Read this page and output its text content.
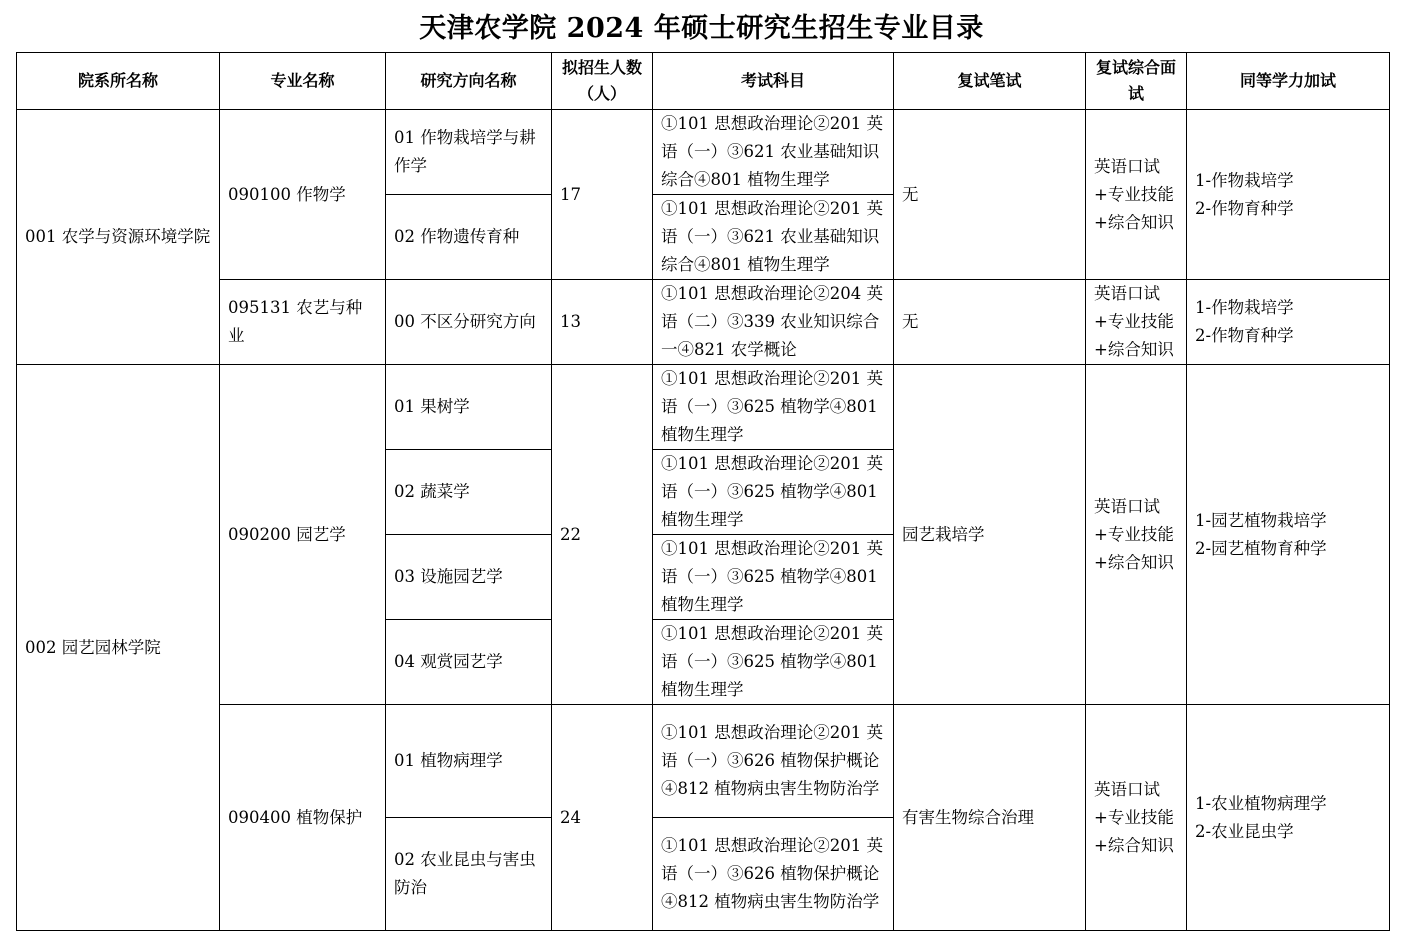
天津农学院 2024 年硕士研究生招生专业目录
院系所名称	专业名称	研究方向名称	拟招生人数（人）	考试科目	复试笔试	复试综合面试	同等学力加试
001 农学与资源环境学院	090100 作物学	01 作物栽培学与耕作学	17	①101 思想政治理论②201 英语（一）③621 农业基础知识综合④801 植物生理学	无	英语口试+专业技能+综合知识	1-作物栽培学
2-作物育种学

		02 作物遗传育种		①101 思想政治理论②201 英语（一）③621 农业基础知识综合④801 植物生理学			
	095131 农艺与种业	00 不区分研究方向	13	①101 思想政治理论②204 英语（二）③339 农业知识综合一④821 农学概论	无	英语口试+专业技能+综合知识	1-作物栽培学
2-作物育种学

002 园艺园林学院	090200 园艺学	01 果树学	22	①101 思想政治理论②201 英语（一）③625 植物学④801 植物生理学	园艺栽培学	英语口试+专业技能+综合知识	1-园艺植物栽培学
2-园艺植物育种学

		02 蔬菜学		①101 思想政治理论②201 英语（一）③625 植物学④801 植物生理学			
		03 设施园艺学		①101 思想政治理论②201 英语（一）③625 植物学④801 植物生理学			
		04 观赏园艺学		①101 思想政治理论②201 英语（一）③625 植物学④801 植物生理学			
	090400 植物保护	01 植物病理学	24	①101 思想政治理论②201 英语（一）③626 植物保护概论④812 植物病虫害生物防治学	有害生物综合治理	英语口试+专业技能+综合知识	1-农业植物病理学
2-农业昆虫学

		02 农业昆虫与害虫防治		①101 思想政治理论②201 英语（一）③626 植物保护概论④812 植物病虫害生物防治学			
